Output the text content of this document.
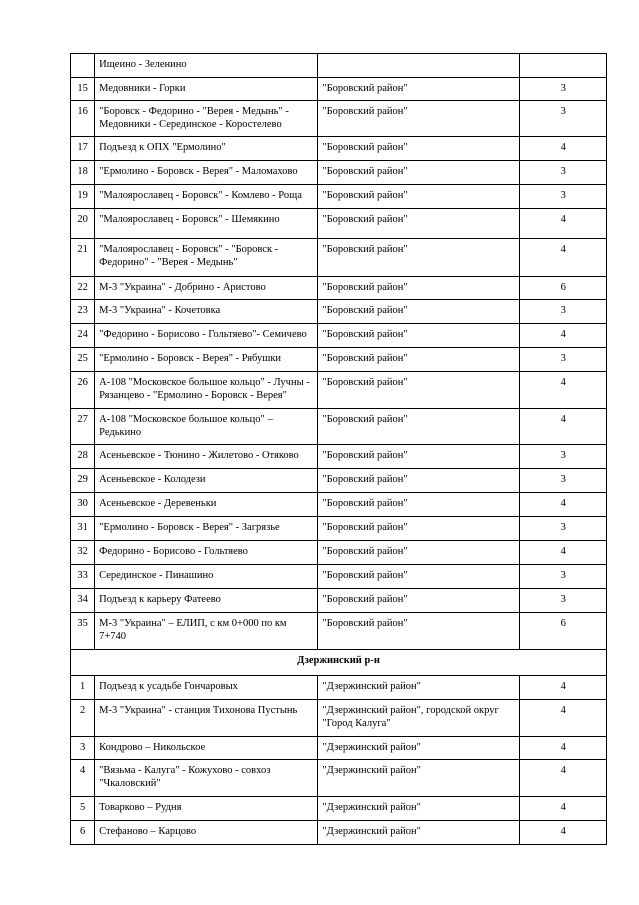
	Ищеино - Зеленино		
15	Медовники - Горки	"Боровский район"	3
16	"Боровск - Федорино - "Верея - Медынь" - Медовники - Серединское - Коростелево	"Боровский район"	3
17	Подъезд к ОПХ "Ермолино"	"Боровский район"	4
18	"Ермолино - Боровск - Верея" - Маломахово	"Боровский район"	3
19	"Малоярославец - Боровск" - Комлево - Роща	"Боровский район"	3
20	"Малоярославец - Боровск" - Шемякино	"Боровский район"	4
21	"Малоярославец - Боровск" - "Боровск - Федорино" - "Верея - Медынь"	"Боровский район"	4
22	М-3 "Украина" - Добрино - Аристово	"Боровский район"	6
23	М-3 "Украина" - Кочетовка	"Боровский район"	3
24	"Федорино - Борисово - Гольтяево"- Семичево	"Боровский район"	4
25	"Ермолино - Боровск - Верея" - Рябушки	"Боровский район"	3
26	А-108 "Московское большое кольцо" - Лучны - Рязанцево - "Ермолино - Боровск - Верея"	"Боровский район"	4
27	А-108 "Московское большое кольцо" – Редькино	"Боровский район"	4
28	Асеньевское - Тюнино - Жилетово - Отяково	"Боровский район"	3
29	Асеньевское - Колодези	"Боровский район"	3
30	Асеньевское - Деревеньки	"Боровский район"	4
31	"Ермолино - Боровск - Верея" - Загрязье	"Боровский район"	3
32	Федорино - Борисово - Гольтяево	"Боровский район"	4
33	Серединское - Пинашино	"Боровский район"	3
34	Подъезд к карьеру Фатеево	"Боровский район"	3
35	М-3 "Украина" – ЕЛИП, с км 0+000 по км 7+740	"Боровский район"	6
Дзержинский р-н			
1	Подъезд к усадьбе Гончаровых	"Дзержинский район"	4
2	М-3 "Украина" - станция Тихонова Пустынь	"Дзержинский район", городской округ "Город Калуга"	4
3	Кондрово – Никольское	"Дзержинский район"	4
4	"Вязьма - Калуга" - Кожухово - совхоз "Чкаловский"	"Дзержинский район"	4
5	Товарково – Рудня	"Дзержинский район"	4
6	Стефаново – Карцово	"Дзержинский район"	4
